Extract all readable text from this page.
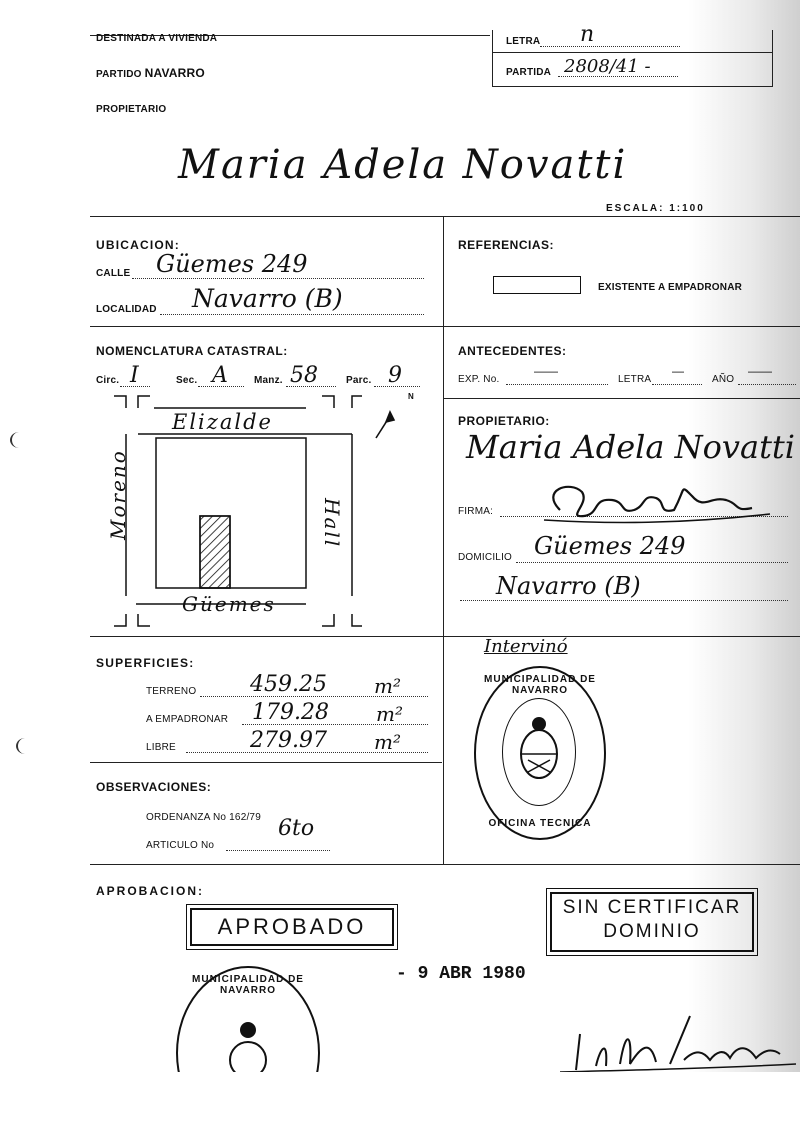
DESTINADA A VIVIENDA
PARTIDO NAVARRO
PROPIETARIO
LETRA n
PARTIDA 2808/41 -
Maria Adela Novatti
ESCALA: 1:100
UBICACION:
CALLE Güemes 249
LOCALIDAD Navarro (B)
REFERENCIAS:
EXISTENTE A EMPADRONAR
NOMENCLATURA CATASTRAL:
Circ. I	Sec. A	Manz. 58	Parc. 9
N
Elizalde
Güemes
Moreno	Hall
ANTECEDENTES:
EXP. No.
——
LETRA
—
AÑO
——
PROPIETARIO:
Maria Adela Novatti
FIRMA:
DOMICILIO Güemes 249
Navarro (B)
SUPERFICIES:
TERRENO 459.25 m²
A EMPADRONAR 179.28 m²
LIBRE	279.97 m²
OBSERVACIONES:
ORDENANZA No 162/79
ARTICULO No
6to
Intervinó
MUNICIPALIDAD DE NAVARRO
OFICINA TECNICA
APROBACION:
APROBADO
SIN CERTIFICAR
DOMINIO
- 9 ABR 1980
MUNICIPALIDAD DE NAVARRO
